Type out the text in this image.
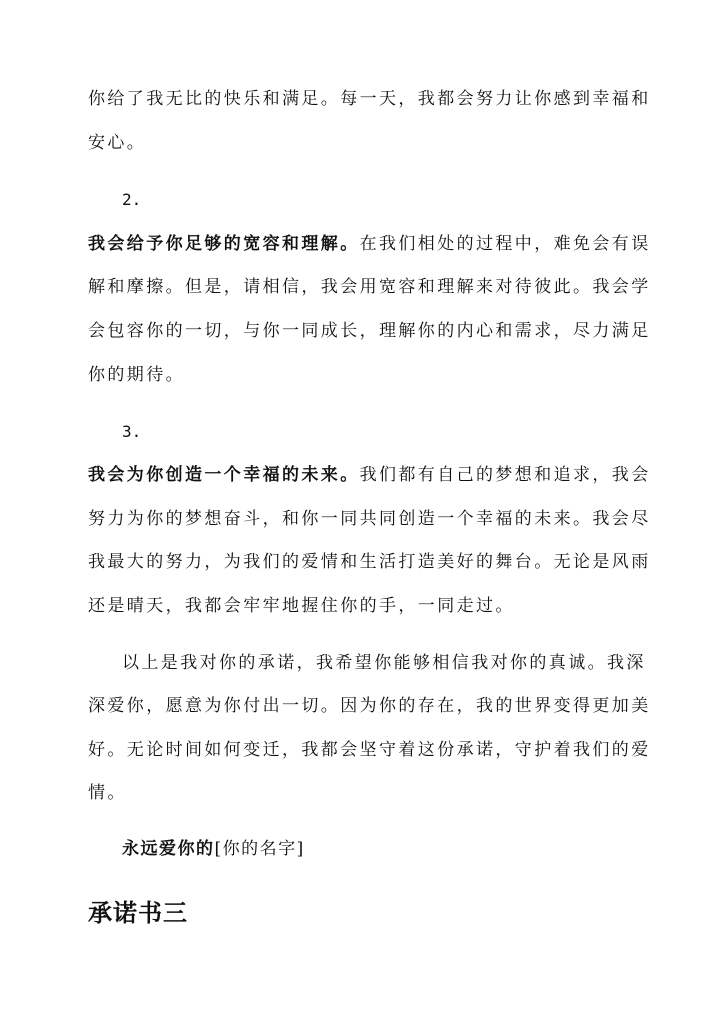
你给了我无比的快乐和满足。每一天，我都会努力让你感到幸福和
安心。
2.
我会给予你足够的宽容和理解。在我们相处的过程中，难免会有误
解和摩擦。但是，请相信，我会用宽容和理解来对待彼此。我会学
会包容你的一切，与你一同成长，理解你的内心和需求，尽力满足
你的期待。
3.
我会为你创造一个幸福的未来。我们都有自己的梦想和追求，我会
努力为你的梦想奋斗，和你一同共同创造一个幸福的未来。我会尽
我最大的努力，为我们的爱情和生活打造美好的舞台。无论是风雨
还是晴天，我都会牢牢地握住你的手，一同走过。
以上是我对你的承诺，我希望你能够相信我对你的真诚。我深
深爱你，愿意为你付出一切。因为你的存在，我的世界变得更加美
好。无论时间如何变迁，我都会坚守着这份承诺，守护着我们的爱
情。
永远爱你的[你的名字]
承诺书三
